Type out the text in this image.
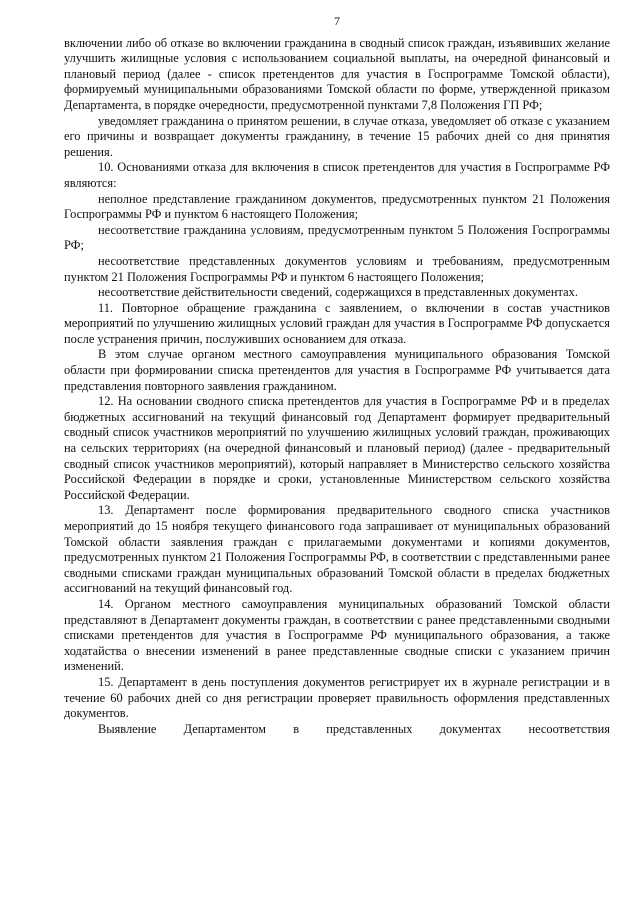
7

включении либо об отказе во включении гражданина в сводный список граждан, изъявивших желание улучшить жилищные условия с использованием социальной выплаты, на очередной финансовый и плановый период (далее - список претендентов для участия в Госпрограмме Томской области), формируемый муниципальными образованиями Томской области по форме, утвержденной приказом Департамента, в порядке очередности, предусмотренной пунктами 7,8 Положения ГП РФ;

уведомляет гражданина о принятом решении, в случае отказа, уведомляет об отказе с указанием его причины и возвращает документы гражданину, в течение 15 рабочих дней со дня принятия решения.

10. Основаниями отказа для включения в список претендентов для участия в Госпрограмме РФ являются:

неполное представление гражданином документов, предусмотренных пунктом 21 Положения Госпрограммы РФ и пунктом 6 настоящего Положения;

несоответствие гражданина условиям, предусмотренным пунктом 5 Положения Госпрограммы РФ;

несоответствие представленных документов условиям и требованиям, предусмотренным пунктом 21 Положения Госпрограммы РФ и пунктом 6 настоящего Положения;

несоответствие действительности сведений, содержащихся в представленных документах.

11. Повторное обращение гражданина с заявлением, о включении в состав участников мероприятий по улучшению жилищных условий граждан для участия в Госпрограмме РФ допускается после устранения причин, послуживших основанием для отказа.

В этом случае органом местного самоуправления муниципального образования Томской области при формировании списка претендентов для участия в Госпрограмме РФ учитывается дата представления повторного заявления гражданином.

12. На основании сводного списка претендентов для участия в Госпрограмме РФ и в пределах бюджетных ассигнований на текущий финансовый год Департамент формирует предварительный сводный список участников мероприятий по улучшению жилищных условий граждан, проживающих на сельских территориях (на очередной финансовый и плановый период) (далее - предварительный сводный список участников мероприятий), который направляет в Министерство сельского хозяйства Российской Федерации в порядке и сроки, установленные Министерством сельского хозяйства Российской Федерации.

13. Департамент после формирования предварительного сводного списка участников мероприятий до 15 ноября текущего финансового года запрашивает от муниципальных образований Томской области заявления граждан с прилагаемыми документами и копиями документов, предусмотренных пунктом 21 Положения Госпрограммы РФ, в соответствии с представленными ранее сводными списками граждан муниципальных образований Томской области в пределах бюджетных ассигнований на текущий финансовый год.

14. Органом местного самоуправления муниципальных образований Томской области представляют в Департамент документы граждан, в соответствии с ранее представленными сводными списками претендентов для участия в Госпрограмме РФ муниципального образования, а также ходатайства о внесении изменений в ранее представленные сводные списки с указанием причин изменений.

15. Департамент в день поступления документов регистрирует их в журнале регистрации и в течение 60 рабочих дней со дня регистрации проверяет правильность оформления представленных документов.

Выявление Департаментом в представленных документах несоответствия
